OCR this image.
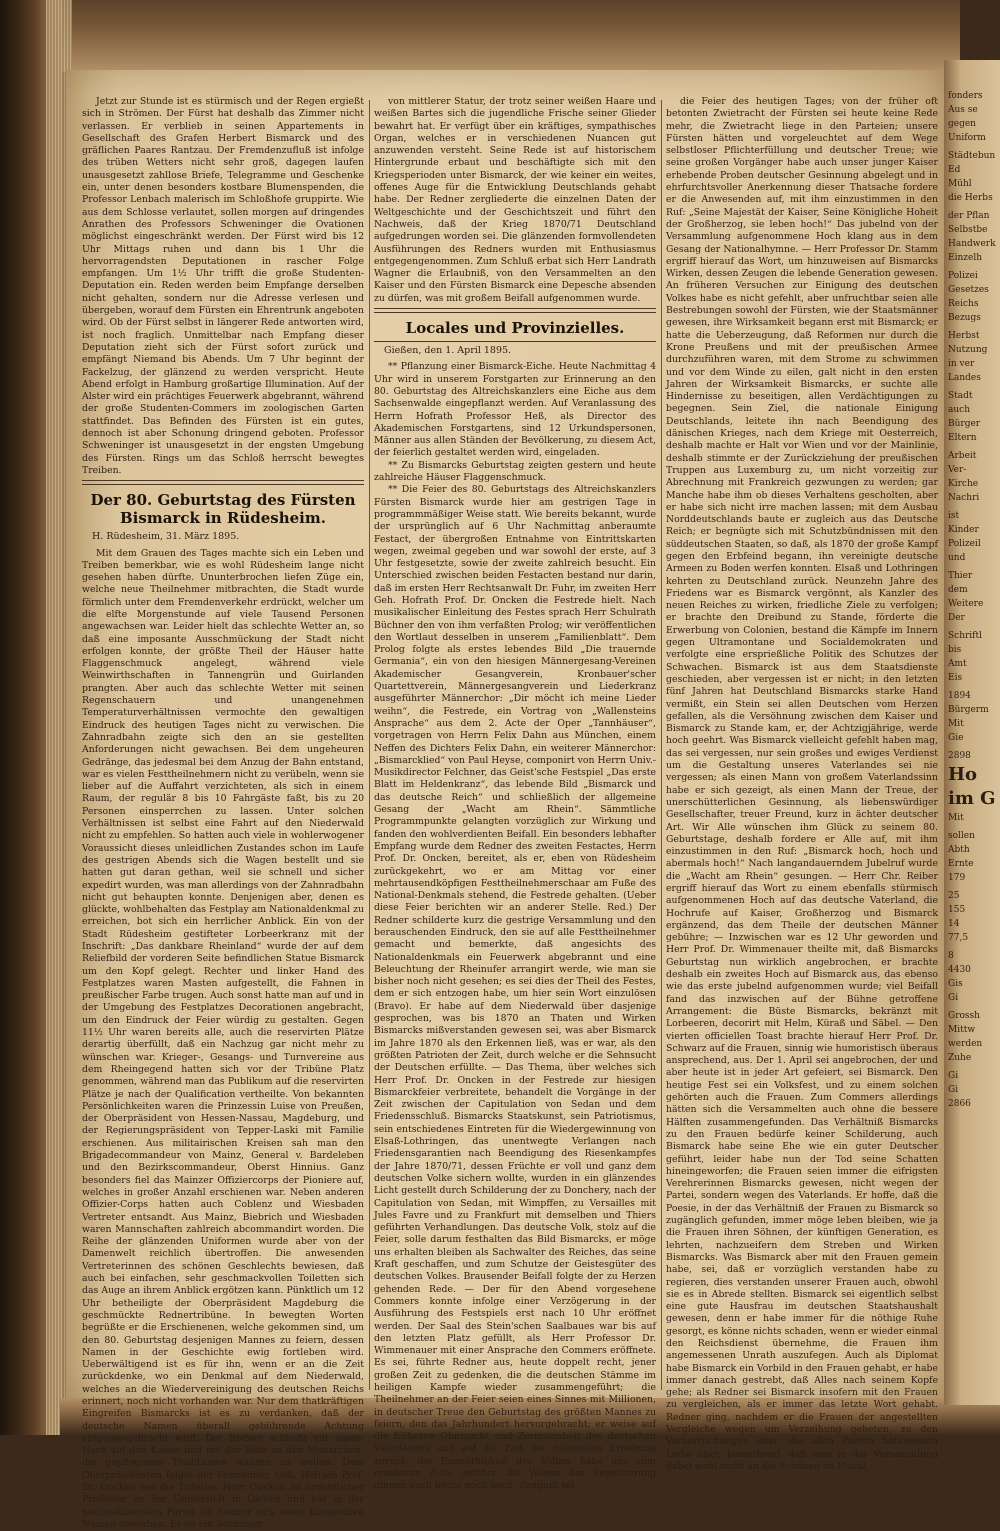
Jetzt zur Stunde ist es stürmisch und der Regen ergießt sich in Strömen. Der Fürst hat deshalb das Zimmer nicht verlassen. Er verblieb in seinen Appartements in Gesellschaft des Grafen Herbert Bismarck und des gräflichen Paares Rantzau. Der Fremdenzufluß ist infolge des trüben Wetters nicht sehr groß, dagegen laufen unausgesetzt zahllose Briefe, Telegramme und Geschenke ein, unter denen besonders kostbare Blumenspenden, die Professor Lenbach malerisch im Schloßhofe gruppirte. Wie aus dem Schlosse verlautet, sollen morgen auf dringendes Anrathen des Professors Schweninger die Ovationen möglichst eingeschränkt werden. Der Fürst wird bis 12 Uhr Mittags ruhen und dann bis 1 Uhr die hervorragendsten Deputationen in rascher Folge empfangen. Um 1½ Uhr trifft die große Studenten-Deputation ein. Reden werden beim Empfange derselben nicht gehalten, sondern nur die Adresse verlesen und übergeben, worauf dem Fürsten ein Ehrentrunk angeboten wird. Ob der Fürst selbst in längerer Rede antworten wird, ist noch fraglich. Unmittelbar nach Empfang dieser Deputation zieht sich der Fürst sofort zurück und empfängt Niemand bis Abends. Um 7 Uhr beginnt der Fackelzug, der glänzend zu werden verspricht. Heute Abend erfolgt in Hamburg großartige Illumination. Auf der Alster wird ein prächtiges Feuerwerk abgebrannt, während der große Studenten-Commers im zoologischen Garten stattfindet. Das Befinden des Fürsten ist ein gutes, dennoch ist aber Schonung dringend geboten. Professor Schweninger ist unausgesetzt in der engsten Umgebung des Fürsten. Rings um das Schloß herrscht bewegtes Treiben.

Der 80. Geburtstag des Fürsten Bismarck in Rüdesheim.
H. Rüdesheim, 31. März 1895.

Mit dem Grauen des Tages machte sich ein Leben und Treiben bemerkbar, wie es wohl Rüdesheim lange nicht gesehen haben dürfte. Ununterbrochen liefen Züge ein, welche neue Theilnehmer mitbrachten, die Stadt wurde förmlich unter dem Fremdenverkehr erdrückt, welcher um die elfte Morgenstunde auf viele Tausend Personen angewachsen war. Leider hielt das schlechte Wetter an, so daß eine imposante Ausschmückung der Stadt nicht erfolgen konnte, der größte Theil der Häuser hatte Flaggenschmuck angelegt, während viele Weinwirthschaften in Tannengrün und Guirlanden prangten. Aber auch das schlechte Wetter mit seinen Regenschauern und unangenehmen Temperaturverhältnissen vermochte den gewaltigen Eindruck des heutigen Tages nicht zu verwischen. Die Zahnradbahn zeigte sich den an sie gestellten Anforderungen nicht gewachsen. Bei dem ungeheuren Gedränge, das jedesmal bei dem Anzug der Bahn entstand, war es vielen Festtheilnehmern nicht zu verübeln, wenn sie lieber auf die Auffahrt verzichteten, als sich in einem Raum, der regulär 8 bis 10 Fahrgäste faßt, bis zu 20 Personen einsperrchen zu lassen. Unter solchen Verhältnissen ist selbst eine Fahrt auf den Niederwald nicht zu empfehlen. So hatten auch viele in wohlerwogener Voraussicht dieses unleidlichen Zustandes schon im Laufe des gestrigen Abends sich die Wagen bestellt und sie hatten gut daran gethan, weil sie schnell und sicher expedirt wurden, was man allerdings von der Zahnradbahn nicht gut behaupten konnte. Denjenigen aber, denen es glückte, wohlbehalten das Festplay am Nationaldenkmal zu erreichen, bot sich ein herrlicher Anblick. Ein von der Stadt Rüdesheim gestifteter Lorbeerkranz mit der Inschrift: „Das dankbare Rheinland“ wurde der auf dem Reliefbild der vorderen Seite befindlichen Statue Bismarck um den Kopf gelegt. Rechter und linker Hand des Festplatzes waren Masten aufgestellt, die Fahnen in preußischer Farbe trugen. Auch sonst hatte man auf und in der Umgebung des Festplatzes Decorationen angebracht, um den Eindruck der Feier würdig zu gestalten. Gegen 11½ Uhr waren bereits alle, auch die reservirten Plätze derartig überfüllt, daß ein Nachzug gar nicht mehr zu wünschen war. Krieger-, Gesangs- und Turnvereine aus dem Rheingegend hatten sich vor der Tribüne Platz genommen, während man das Publikum auf die reservirten Plätze je nach der Qualification vertheilte. Von bekannten Persönlichkeiten waren die Prinzessin Luise von Preußen, der Oberpräsident von Hessen-Nassau, Magdeburg, und der Regierungspräsident von Tepper-Laski mit Familie erschienen. Aus militairischen Kreisen sah man den Brigadecommandeur von Mainz, General v. Bardeleben und den Bezirkscommandeur, Oberst Hinnius. Ganz besonders fiel das Mainzer Offiziercorps der Pioniere auf, welches in großer Anzahl erschienen war. Neben anderen Offizier-Corps hatten auch Coblenz und Wiesbaden Vertreter entsandt. Aus Mainz, Biebrich und Wiesbaden waren Mannschaften zahlreich abcommandirt worden. Die Reihe der glänzenden Uniformen wurde aber von der Damenwelt reichlich übertroffen. Die anwesenden Vertreterinnen des schönen Geschlechts bewiesen, daß auch bei einfachen, sehr geschmackvollen Toiletten sich das Auge an ihrem Anblick ergötzen kann. Pünktlich um 12 Uhr betheiligte der Oberpräsident Magdeburg die geschmückte Rednertribüne. In bewegten Worten begrüßte er die Erschienenen, welche gekommen sind, um den 80. Geburtstag desjenigen Mannes zu feiern, dessen Namen in der Geschichte ewig fortleben wird. Ueberwältigend ist es für ihn, wenn er an die Zeit zurückdenke, wo ein Denkmal auf dem Niederwald, welches an die Wiedervereinigung des deutschen Reichs erinnert, noch nicht vorhanden war. Nur dem thatkräftigen Eingreifen Bismarcks ist es zu verdanken, daß der deutsche Namen überall gebührende Achtung entgegengebracht wird. Der Redner schließt mit einem Hoch auf den Kaiser und mit der Bitte an den Monarchen, die gepflogenen Traditionen wahren zu wollen. Dem Oberpräsidenten folgte der Festredner, Geh. Hofrath Prof. Dr. Oncken auf die Tribüne. Herr Oncken ist ordentlicher Professor an der Universität in Gießen und hat in der nationalliberalen Partei als Redner sich einen klangvollen Namen erworben. Er ist ein Sechziger

von mittlerer Statur, der trotz seiner weißen Haare und weißen Bartes sich die jugendliche Frische seiner Glieder bewahrt hat. Er verfügt über ein kräftiges, sympathisches Organ, welches er in verschiedenen Nuancen gut anzuwenden versteht. Seine Rede ist auf historischem Hintergrunde erbaut und beschäftigte sich mit den Kriegsperioden unter Bismarck, der wie keiner ein weites, offenes Auge für die Entwicklung Deutschlands gehabt habe. Der Redner zergliederte die einzelnen Daten der Weltgeschichte und der Geschichtszeit und führt den Nachweis, daß der Krieg 1870/71 Deutschland aufgedrungen worden sei. Die glänzenden formvollendeten Ausführungen des Redners wurden mit Enthusiasmus entgegengenommen. Zum Schluß erbat sich Herr Landrath Wagner die Erlaubniß, von den Versammelten an den Kaiser und den Fürsten Bismarck eine Depesche absenden zu dürfen, was mit großem Beifall aufgenommen wurde.

Locales und Provinzielles.
Gießen, den 1. April 1895.

** Pflanzung einer Bismarck-Eiche. Heute Nachmittag 4 Uhr wird in unserem Forstgarten zur Erinnerung an den 80. Geburtstag des Altreichskanzlers eine Eiche aus dem Sachsenwalde eingepflanzt werden. Auf Veranlassung des Herrn Hofrath Professor Heß, als Director des Akademischen Forstgartens, sind 12 Urkundspersonen, Männer aus allen Ständen der Bevölkerung, zu diesem Act, der feierlich gestaltet werden wird, eingeladen.

** Zu Bismarcks Geburtstag zeigten gestern und heute zahlreiche Häuser Flaggenschmuck.

** Die Feier des 80. Geburtstags des Altreichskanzlers Fürsten Bismarck wurde hier am gestrigen Tage in programmmäßiger Weise statt. Wie bereits bekannt, wurde der ursprünglich auf 6 Uhr Nachmittag anberaumte Festact, der übergroßen Entnahme von Eintrittskarten wegen, zweimal gegeben und war sowohl der erste, auf 3 Uhr festgesetzte, sowie der zweite zahlreich besucht. Ein Unterschied zwischen beiden Festacten bestand nur darin, daß im ersten Herr Rechtsanwalt Dr. Fuhr, im zweiten Herr Geh. Hofrath Prof. Dr. Oncken die Festrede hielt. Nach musikalischer Einleitung des Festes sprach Herr Schulrath Büchner den von ihm verfaßten Prolog; wir veröffentlichen den Wortlaut desselben in unserem „Familienblatt“. Dem Prolog folgte als erstes lebendes Bild „Die trauernde Germania“, ein von den hiesigen Männergesang-Vereinen Akademischer Gesangverein, Kronbauer'scher Quartettverein, Männergesangverein und Liederkranz ausgeführter Männerchor: „Dir möcht ich meine Lieder weihn“, die Festrede, ein Vortrag von „Wallensteins Ansprache“ aus dem 2. Acte der Oper „Tannhäuser“, vorgetragen von Herrn Felix Dahn aus München, einem Neffen des Dichters Felix Dahn, ein weiterer Männerchor: „Bismarcklied“ von Paul Heyse, componirt von Herrn Univ.-Musikdirector Felchner, das Geist'sche Festspiel „Das erste Blatt im Heldenkranz“, das lebende Bild „Bismarck und das deutsche Reich“ und schließlich der allgemeine Gesang der „Wacht am Rhein“. Sämmtliche Programmpunkte gelangten vorzüglich zur Wirkung und fanden den wohlverdienten Beifall. Ein besonders lebhafter Empfang wurde dem Redner des zweiten Festactes, Herrn Prof. Dr. Oncken, bereitet, als er, eben von Rüdesheim zurückgekehrt, wo er am Mittag vor einer mehrtausendköpfigen Festtheilnehmerschaar am Fuße des National-Denkmals stehend, die Festrede gehalten. (Ueber diese Feier berichten wir an anderer Stelle. Red.) Der Redner schilderte kurz die gestrige Versammlung und den berauschenden Eindruck, den sie auf alle Festtheilnehmer gemacht und bemerkte, daß angesichts des Nationaldenkmals ein Feuerwerk abgebrannt und eine Beleuchtung der Rheinufer arrangirt werde, wie man sie bisher noch nicht gesehen; es sei dies der Theil des Festes, dem er sich entzogen habe, um hier sein Wort einzulösen (Bravo). Er habe auf dem Niederwald über dasjenige gesprochen, was bis 1870 an Thaten und Wirken Bismarcks mißverstanden gewesen sei, was aber Bismarck im Jahre 1870 als den Erkennen ließ, was er war, als den größten Patrioten der Zeit, durch welche er die Sehnsucht der Deutschen erfüllte. — Das Thema, über welches sich Herr Prof. Dr. Oncken in der Festrede zur hiesigen Bismarckfeier verbreitete, behandelt die Vorgänge in der Zeit zwischen der Capitulation von Sedan und dem Friedensschluß. Bismarcks Staatskunst, sein Patriotismus, sein entschiedenes Eintreten für die Wiedergewinnung von Elsaß-Lothringen, das unentwegte Verlangen nach Friedensgarantien nach Beendigung des Riesenkampfes der Jahre 1870/71, dessen Früchte er voll und ganz dem deutschen Volke sichern wollte, wurden in ein glänzendes Licht gestellt durch Schilderung der zu Donchery, nach der Capitulation von Sedan, mit Wimpffen, zu Versailles mit Jules Favre und zu Frankfurt mit demselben und Thiers geführten Verhandlungen. Das deutsche Volk, stolz auf die Feier, solle darum festhalten das Bild Bismarcks, er möge uns erhalten bleiben als Sachwalter des Reiches, das seine Kraft geschaffen, und zum Schutze der Geistesgüter des deutschen Volkes. Brausender Beifall folgte der zu Herzen gehenden Rede. — Der für den Abend vorgesehene Commers konnte infolge einer Verzögerung in der Ausführung des Festspiels erst nach 10 Uhr eröffnet werden. Der Saal des Stein'schen Saalbaues war bis auf den letzten Platz gefüllt, als Herr Professor Dr. Wimmenauer mit einer Ansprache den Commers eröffnete. Es sei, führte Redner aus, heute doppelt recht, jener großen Zeit zu gedenken, die die deutschen Stämme im heiligen Kampfe wieder zusammengeführt; die Theilnehmer an der Feier seien eines Sinnes mit Millionen, in deutscher Treue den Geburtstag des größten Mannes zu feiern, den das Jahrhundert hervorgebracht; er weise auf die früheren Ohnmacht und Zerrissenheit des deutschen Vaterlandes und auf die Zeit der nationalen Erhebung zurück; die Einmüthigkeit des Volkes habe uns zum ersehnten Ziele geführt, die Wogen der Begeisterung gingen auch heute noch hoch, Zeugniß sei

die Feier des heutigen Tages; von der früher oft betonten Zwietracht der Fürsten sei heute keine Rede mehr, die Zwietracht liege in den Parteien; unsere Fürsten hätten und vorgeleuchtet auf dem Wege selbstloser Pflichterfüllung und deutscher Treue; wie seine großen Vorgänger habe auch unser junger Kaiser erhebende Proben deutscher Gesinnung abgelegt und in ehrfurchtsvoller Anerkennung dieser Thatsache fordere er die Anwesenden auf, mit ihm einzustimmen in den Ruf: „Seine Majestät der Kaiser, Seine Königliche Hoheit der Großherzog, sie leben hoch!“ Das jubelnd von der Versammlung aufgenommene Hoch klang aus in dem Gesang der Nationalhymne. — Herr Professor Dr. Stamm ergriff hierauf das Wort, um hinzuweisen auf Bismarcks Wirken, dessen Zeugen die lebende Generation gewesen. An früheren Versuchen zur Einigung des deutschen Volkes habe es nicht gefehlt, aber unfruchtbar seien alle Bestrebungen sowohl der Fürsten, wie der Staatsmänner gewesen, ihre Wirksamkeit begann erst mit Bismarck; er hatte die Ueberzeugung, daß Reformen nur durch die Krone Preußens und mit der preußischen Armee durchzuführen waren, mit dem Strome zu schwimmen und vor dem Winde zu eilen, galt nicht in den ersten Jahren der Wirksamkeit Bismarcks, er suchte alle Hindernisse zu beseitigen, allen Verdächtigungen zu begegnen. Sein Ziel, die nationale Einigung Deutschlands, leitete ihn nach Beendigung des dänischen Krieges, nach dem Kriege mit Oesterreich, deshalb machte er Halt vor Wien und vor der Mainlinie, deshalb stimmte er der Zurückziehung der preußischen Truppen aus Luxemburg zu, um nicht vorzeitig zur Abrechnung mit Frankreich gezwungen zu werden; gar Manche habe ihm ob dieses Verhaltens gescholten, aber er habe sich nicht irre machen lassen; mit dem Ausbau Norddeutschlands baute er zugleich aus das Deutsche Reich; er begnügte sich mit Schutzbündnissen mit den süddeutschen Staaten, so daß, als 1870 der große Kampf gegen den Erbfeind begann, ihn vereinigte deutsche Armeen zu Boden werfen konnten. Elsaß und Lothringen kehrten zu Deutschland zurück. Neunzehn Jahre des Friedens war es Bismarck vergönnt, als Kanzler des neuen Reiches zu wirken, friedliche Ziele zu verfolgen; er brachte den Dreibund zu Stande, förderte die Erwerbung von Colonien, bestand die Kämpfe im Innern gegen Ultramontane und Socialdemokraten und verfolgte eine ersprießliche Politik des Schutzes der Schwachen. Bismarck ist aus dem Staatsdienste geschieden, aber vergessen ist er nicht; in den letzten fünf Jahren hat Deutschland Bismarcks starke Hand vermißt, ein Stein sei allen Deutschen vom Herzen gefallen, als die Versöhnung zwischen dem Kaiser und Bismarck zu Stande kam, er, der Achtzigjährige, werde hoch geehrt. Was Bismarck vielleicht gefehlt haben mag, das sei vergessen, nur sein großes und ewiges Verdienst um die Gestaltung unseres Vaterlandes sei nie vergessen; als einen Mann von großem Vaterlandssinn habe er sich gezeigt, als einen Mann der Treue, der unerschütterlichen Gesinnung, als liebenswürdiger Gesellschafter, treuer Freund, kurz in ächter deutscher Art. Wir Alle wünschen ihm Glück zu seinem 80. Geburtstage, deshalb fordere er Alle auf, mit ihm einzustimmen in den Ruf: „Bismarck hoch, hoch und abermals hoch!“ Nach langandauerndem Jubelruf wurde die „Wacht am Rhein“ gesungen. — Herr Chr. Reiber ergriff hierauf das Wort zu einem ebenfalls stürmisch aufgenommenen Hoch auf das deutsche Vaterland, die Hochrufe auf Kaiser, Großherzog und Bismarck ergänzend, das dem Theile der deutschen Männer gebühre; — Inzwischen war es 12 Uhr geworden und Herr Prof. Dr. Wimmenauer theilte mit, daß Bismarcks Geburtstag nun wirklich angebrochen, er brachte deshalb ein zweites Hoch auf Bismarck aus, das ebenso wie das erste jubelnd aufgenommen wurde; viel Beifall fand das inzwischen auf der Bühne getroffene Arrangement: die Büste Bismarcks, bekränzt mit Lorbeeren, decorirt mit Helm, Küraß und Säbel. — Den vierten officiellen Toast brachte hierauf Herr Prof. Dr. Schwarz auf die Frauen, sinnig wie humoristisch überaus ansprechend, aus. Der 1. April sei angebrochen, der und aber heute ist in jeder Art gefeiert, sei Bismarck. Den heutige Fest sei ein Volksfest, und zu einem solchen gehörten auch die Frauen. Zum Commers allerdings hätten sich die Versammelten auch ohne die bessere Hälften zusammengefunden. Das Verhältniß Bismarcks zu den Frauen bedürfe keiner Schilderung, auch Bismarck habe seine Ehe wie ein guter Deutscher geführt, leider habe nun der Tod seine Schatten hineingeworfen; die Frauen seien immer die eifrigsten Verehrerinnen Bismarcks gewesen, nicht wegen der Partei, sondern wegen des Vaterlands. Er hoffe, daß die Poesie, in der das Verhältniß der Frauen zu Bismarck so zugänglich gefunden, immer möge leben bleiben, wie ja die Frauen ihren Söhnen, der künftigen Generation, es lehrten, nachzueifern dem Streben und Wirken Bismarcks. Was Bismarck aber mit den Frauen gemein habe, sei, daß er vorzüglich verstanden habe zu regieren, dies verstanden unserer Frauen auch, obwohl sie es in Abrede stellten. Bismarck sei eigentlich selbst eine gute Hausfrau im deutschen Staatshaushalt gewesen, denn er habe immer für die nöthige Ruhe gesorgt, es könne nichts schaden, wenn er wieder einmal den Reichsdienst übernehme, die Frauen ihm angemessenen Unrath auszufegen. Auch als Diplomat habe Bismarck ein Vorbild in den Frauen gehabt, er habe immer danach gestrebt, daß Alles nach seinem Kopfe gehe; als Redner sei Bismarck insofern mit den Frauen zu vergleichen, als er immer das letzte Wort gehabt. Redner ging, nachdem er die Frauen der angestellten Vergleiche wegen um Verzeihung gebeten, zu den Verherrlichungen über, die allen Poeten befungenen Liebe über, bemerkend, daß man in der Versammlung dabei wohl nicht an die Schönen im Plural,

fonders
Aus se
gegen
Uniform
Städtebun
Ed
Mühl
die Herbs
der Pflan
Selbstbe
Handwerk
Einzelh
Polizei
Gesetzes
Reichs
Bezugs
Herbst
Nutzung
in ver
Landes
Stadt
auch
Bürger
Eltern
Arbeit
Ver-
Kirche
Nachri
ist
Kinder
Polizeil
und
Thier
dem
Weitere
Der
Schriftl
bis
Amt
Eis
1894
Bürgerm
Mit
Gie
2898
Ho
im G
Mit
sollen
Abth
Ernte
179
25
155
14
77,5
8
4430
Gis
Gi
Grossh
Mittw
werden
Zuhe
Gi
Gi
2866
